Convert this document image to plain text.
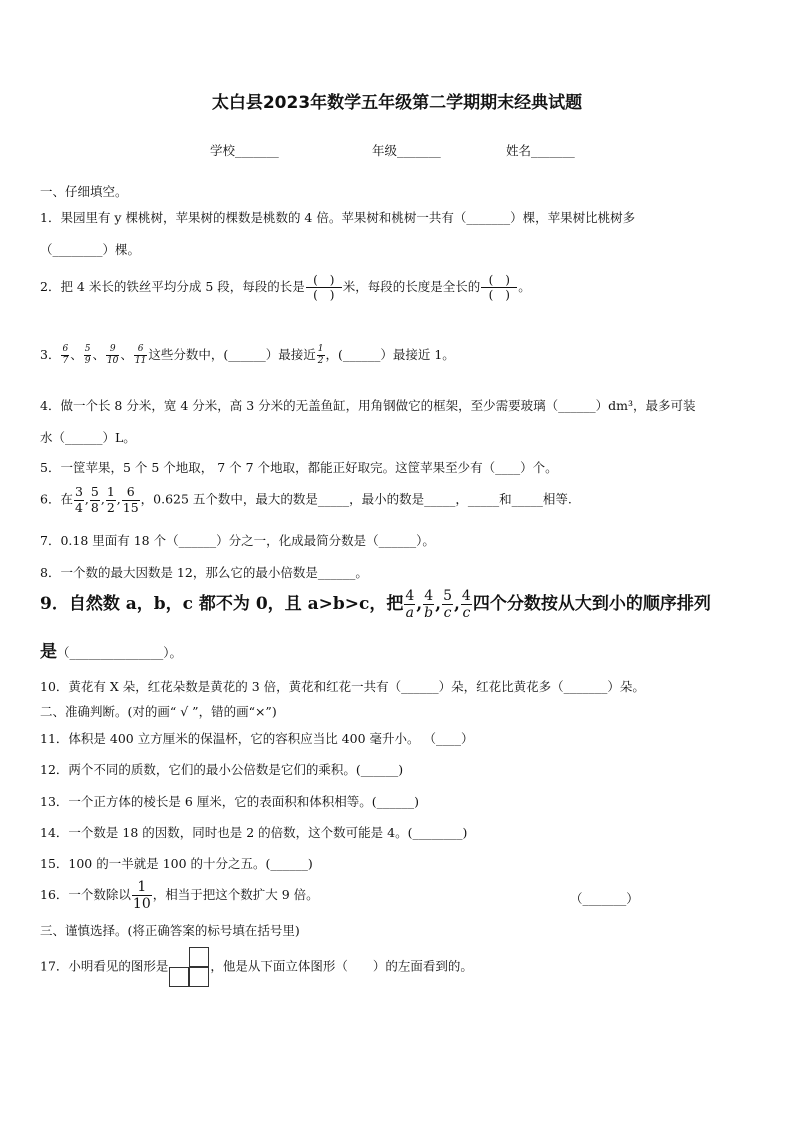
太白县2023年数学五年级第二学期期末经典试题
学校_______	年级_______	姓名_______
一、仔细填空。
1．果园里有 y 棵桃树，苹果树的棵数是桃数的 4 倍。苹果树和桃树一共有（_______）棵，苹果树比桃树多
（________）棵。
2．把 4 米长的铁丝平均分成 5 段，每段的长是 $\frac{( )}{( )}$ 米，每段的长度是全长的 $\frac{( )}{( )}$ 。
3． $\frac{6}{7}$ 、 $\frac{5}{9}$ 、 $\frac{9}{10}$ 、 $\frac{6}{11}$ 这些分数中，(______）最接近 $\frac{1}{2}$ ，(______）最接近 1。
4．做一个长 8 分米，宽 4 分米，高 3 分米的无盖鱼缸，用角钢做它的框架，至少需要玻璃（______）dm³，最多可装
水（______）L。
5．一筐苹果，5 个 5 个地取， 7 个 7 个地取，都能正好取完。这筐苹果至少有（____）个。
6．在 $\frac{3}{4}$ , $\frac{5}{8}$ , $\frac{1}{2}$ , $\frac{6}{15}$ ，0.625 五个数中，最大的数是_____，最小的数是_____，_____和_____相等.
7．0.18 里面有 18 个（______）分之一，化成最简分数是（______）。
8．一个数的最大因数是 12，那么它的最小倍数是______。
9．自然数 a，b，c 都不为 0，且 a>b>c，把 $\frac{4}{a}$ , $\frac{4}{b}$ , $\frac{5}{c}$ , $\frac{4}{c}$ 四个分数按从大到小的顺序排列
是（_______________）。
10．黄花有 X 朵，红花朵数是黄花的 3 倍，黄花和红花一共有（______）朵，红花比黄花多（_______）朵。
二、准确判断。(对的画“ √ ”，错的画“×”)
11．体积是 400 立方厘米的保温杯，它的容积应当比 400 毫升小。 （____）
12．两个不同的质数，它们的最小公倍数是它们的乘积。(______)
13．一个正方体的棱长是 6 厘米，它的表面积和体积相等。(______)
14．一个数是 18 的因数，同时也是 2 的倍数，这个数可能是 4。(________)
15．100 的一半就是 100 的十分之五。(______)
16．一个数除以 $\frac{1}{10}$ ，相当于把这个数扩大 9 倍。	（_______）
三、谨慎选择。(将正确答案的标号填在括号里)
17．小明看见的图形是	，他是从下面立体图形（　　）的左面看到的。
